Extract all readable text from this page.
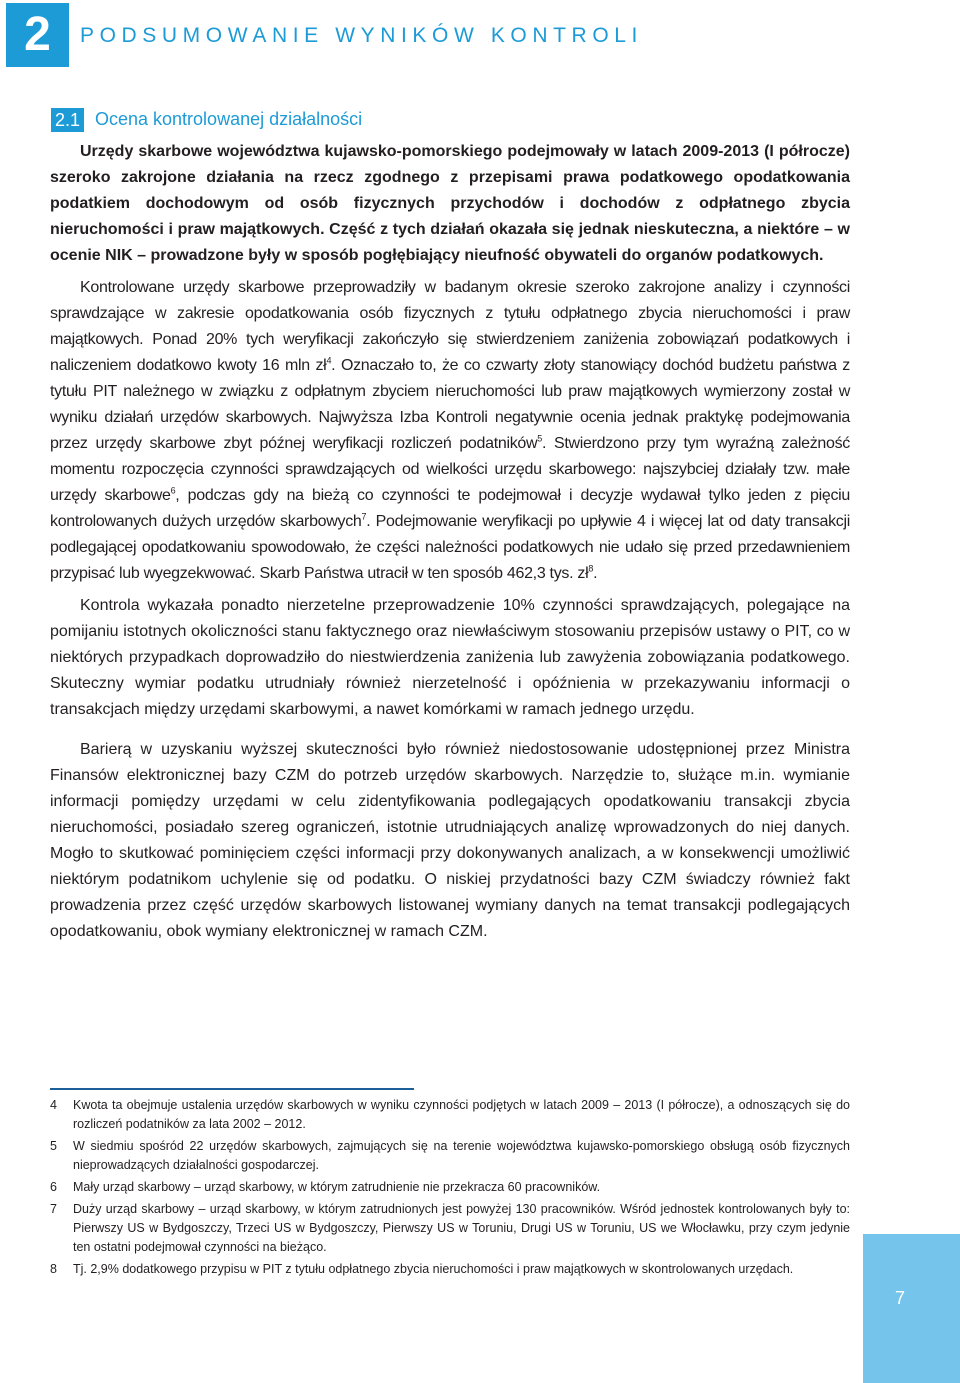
2	PODSUMOWANIE WYNIKÓW KONTROLI
2.1 Ocena kontrolowanej działalności

Urzędy skarbowe województwa kujawsko-pomorskiego podejmowały w latach 2009-2013 (I półrocze) szeroko zakrojone działania na rzecz zgodnego z przepisami prawa podatkowego opodatkowania podatkiem dochodowym od osób fizycznych przychodów i dochodów z odpłatnego zbycia nieruchomości i praw majątkowych. Część z tych działań okazała się jednak nieskuteczna, a niektóre – w ocenie NIK – prowadzone były w sposób pogłębiający nieufność obywateli do organów podatkowych.

Kontrolowane urzędy skarbowe przeprowadziły w badanym okresie szeroko zakrojone analizy i czynności sprawdzające w zakresie opodatkowania osób fizycznych z tytułu odpłatnego zbycia nieruchomości i praw majątkowych. Ponad 20% tych weryfikacji zakończyło się stwierdzeniem zaniżenia zobowiązań podatkowych i naliczeniem dodatkowo kwoty 16 mln $zł^4$. Oznaczało to, że co czwarty złoty stanowiący dochód budżetu państwa z tytułu PIT należnego w związku z odpłatnym zbyciem nieruchomości lub praw majątkowych wymierzony został w wyniku działań urzędów skarbowych. Najwyższa Izba Kontroli negatywnie ocenia jednak praktykę podejmowania przez urzędy skarbowe zbyt późnej weryfikacji rozliczeń podatników$^5$. Stwierdzono przy tym wyraźną zależność momentu rozpoczęcia czynności sprawdzających od wielkości urzędu skarbowego: najszybciej działały tzw. małe urzędy skarbowe$^6$, podczas gdy na bieżą co czynności te podejmował i decyzje wydawał tylko jeden z pięciu kontrolowanych dużych urzędów skarbowych$^7$. Podejmowanie weryfikacji po upływie 4 i więcej lat od daty transakcji podlegającej opodatkowaniu spowodowało, że części należności podatkowych nie udało się przed przedawnieniem przypisać lub wyegzekwować. Skarb Państwa utracił w ten sposób 462,3 tys. $zł^8$.

Kontrola wykazała ponadto nierzetelne przeprowadzenie 10% czynności sprawdzających, polegające na pomijaniu istotnych okoliczności stanu faktycznego oraz niewłaściwym stosowaniu przepisów ustawy o PIT, co w niektórych przypadkach doprowadziło do niestwierdzenia zaniżenia lub zawyżenia zobowiązania podatkowego. Skuteczny wymiar podatku utrudniały również nierzetelność i opóźnienia w przekazywaniu informacji o transakcjach między urzędami skarbowymi, a nawet komórkami w ramach jednego urzędu.

Barierą w uzyskaniu wyższej skuteczności było również niedostosowanie udostępnionej przez Ministra Finansów elektronicznej bazy CZM do potrzeb urzędów skarbowych. Narzędzie to, służące m.in. wymianie informacji pomiędzy urzędami w celu zidentyfikowania podlegających opodatkowaniu transakcji zbycia nieruchomości, posiadało szereg ograniczeń, istotnie utrudniających analizę wprowadzonych do niej danych. Mogło to skutkować pominięciem części informacji przy dokonywanych analizach, a w konsekwencji umożliwić niektórym podatnikom uchylenie się od podatku. O niskiej przydatności bazy CZM świadczy również fakt prowadzenia przez część urzędów skarbowych listowanej wymiany danych na temat transakcji podlegających opodatkowaniu, obok wymiany elektronicznej w ramach CZM.

4	Kwota ta obejmuje ustalenia urzędów skarbowych w wyniku czynności podjętych w latach 2009 – 2013 (I półrocze), a odnoszących się do rozliczeń podatników za lata 2002 – 2012.
5	W siedmiu spośród 22 urzędów skarbowych, zajmujących się na terenie województwa kujawsko-pomorskiego obsługą osób fizycznych nieprowadzących działalności gospodarczej.
6	Mały urząd skarbowy – urząd skarbowy, w którym zatrudnienie nie przekracza 60 pracowników.
7	Duży urząd skarbowy – urząd skarbowy, w którym zatrudnionych jest powyżej 130 pracowników. Wśród jednostek kontrolowanych były to: Pierwszy US w Bydgoszczy, Trzeci US w Bydgoszczy, Pierwszy US w Toruniu, Drugi US w Toruniu, US we Włocławku, przy czym jedynie ten ostatni podejmował czynności na bieżąco.
8	Tj. 2,9% dodatkowego przypisu w PIT z tytułu odpłatnego zbycia nieruchomości i praw majątkowych w skontrolowanych urzędach.
7
